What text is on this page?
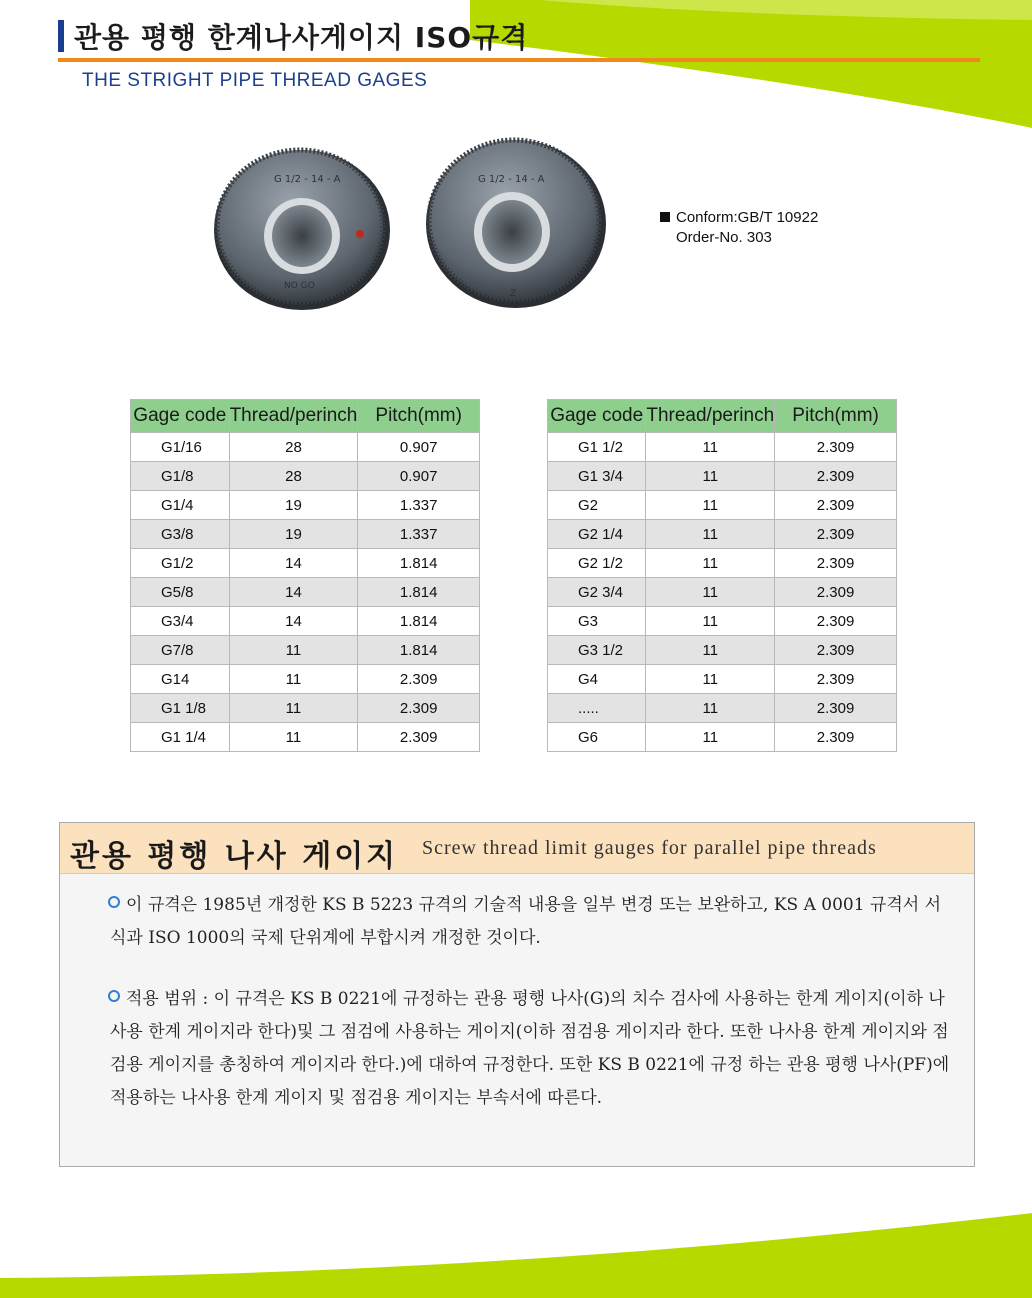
관용 평행 한계나사게이지 ISO규격
THE STRIGHT PIPE THREAD GAGES
G 1/2 - 14 - A
NO GO
G 1/2 - 14 - A
Z
Conform:GB/T 10922
Order-No. 303
Gage code	Thread/perinch	Pitch(mm)
G1/16	28	0.907
G1/8	28	0.907
G1/4	19	1.337
G3/8	19	1.337
G1/2	14	1.814
G5/8	14	1.814
G3/4	14	1.814
G7/8	11	1.814
G14	11	2.309
G1 1/8	11	2.309
G1 1/4	11	2.309
Gage code	Thread/perinch	Pitch(mm)
G1 1/2	11	2.309
G1 3/4	11	2.309
G2	11	2.309
G2 1/4	11	2.309
G2 1/2	11	2.309
G2 3/4	11	2.309
G3	11	2.309
G3 1/2	11	2.309
G4	11	2.309
.....	11	2.309
G6	11	2.309
관용 평행 나사 게이지 Screw thread limit gauges for parallel pipe threads
이 규격은 1985년 개정한 KS B 5223 규격의 기술적 내용을 일부 변경 또는 보완하고, KS A 0001 규격서 서식과 ISO 1000의 국제 단위계에 부합시켜 개정한 것이다.
적용 범위 : 이 규격은 KS B 0221에 규정하는 관용 평행 나사(G)의 치수 검사에 사용하는 한계 게이지(이하 나사용 한계 게이지라 한다)및 그 점검에 사용하는 게이지(이하 점검용 게이지라 한다. 또한 나사용 한계 게이지와 점검용 게이지를 총칭하여 게이지라 한다.)에 대하여 규정한다. 또한 KS B 0221에 규정 하는 관용 평행 나사(PF)에 적용하는 나사용 한계 게이지 및 점검용 게이지는 부속서에 따른다.
